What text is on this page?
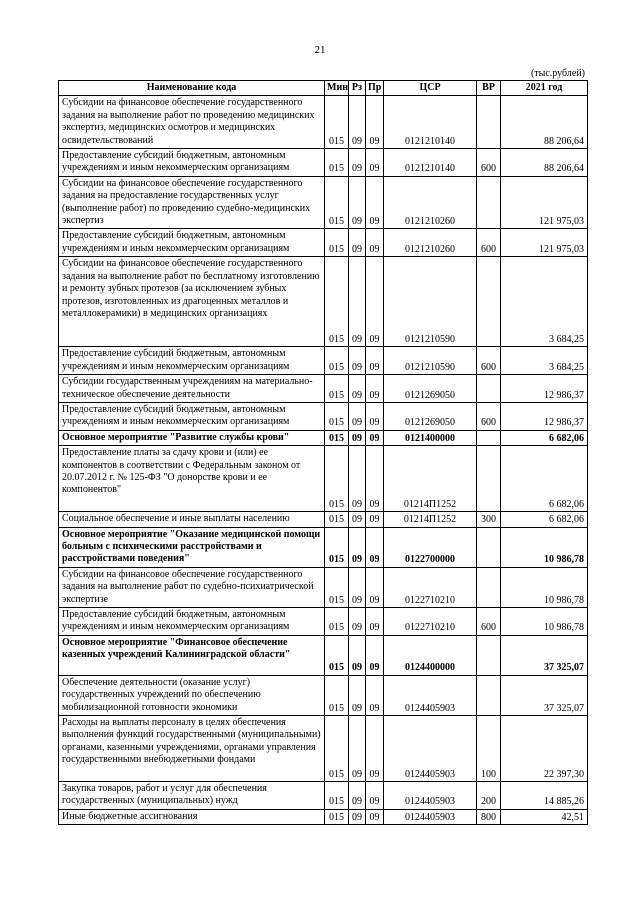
21
(тыс.рублей)
Наименование кода	Мин	Рз	Пр	ЦСР	ВР	2021 год
Субсидии на финансовое обеспечение государственного задания на выполнение работ по проведению медицинских экспертиз, медицинских осмотров и медицинских освидетельствований	015	09	09	0121210140		88 206,64
Предоставление субсидий бюджетным, автономным учреждениям и иным некоммерческим организациям	015	09	09	0121210140	600	88 206,64
Субсидии на финансовое обеспечение государственного задания на предоставление государственных услуг (выполнение работ) по проведению судебно-медицинских экспертиз	015	09	09	0121210260		121 975,03
Предоставление субсидий бюджетным, автономным учреждениям и иным некоммерческим организациям	015	09	09	0121210260	600	121 975,03
Субсидии на финансовое обеспечение государственного задания на выполнение работ по бесплатному изготовлению и ремонту зубных протезов (за исключением зубных протезов, изготовленных из драгоценных металлов и металлокерамики) в медицинских организациях	015	09	09	0121210590		3 684,25
Предоставление субсидий бюджетным, автономным учреждениям и иным некоммерческим организациям	015	09	09	0121210590	600	3 684,25
Субсидии государственным учреждениям на материально-техническое обеспечение деятельности	015	09	09	0121269050		12 986,37
Предоставление субсидий бюджетным, автономным учреждениям и иным некоммерческим организациям	015	09	09	0121269050	600	12 986,37
Основное мероприятие "Развитие службы крови"	015	09	09	0121400000		6 682,06
Предоставление платы за сдачу крови и (или) ее компонентов в соответствии с Федеральным законом от 20.07.2012 г. № 125-ФЗ "О донорстве крови и ее компонентов"	015	09	09	01214П1252		6 682,06
Социальное обеспечение и иные выплаты населению	015	09	09	01214П1252	300	6 682,06
Основное мероприятие "Оказание медицинской помощи больным с психическими расстройствами и расстройствами поведения"	015	09	09	0122700000		10 986,78
Субсидии на финансовое обеспечение государственного задания на выполнение работ по судебно-психиатрической экспертизе	015	09	09	0122710210		10 986,78
Предоставление субсидий бюджетным, автономным учреждениям и иным некоммерческим организациям	015	09	09	0122710210	600	10 986,78
Основное мероприятие "Финансовое обеспечение казенных учреждений Калининградской области"	015	09	09	0124400000		37 325,07
Обеспечение деятельности (оказание услуг) государственных учреждений по обеспечению мобилизационной готовности экономики	015	09	09	0124405903		37 325,07
Расходы на выплаты персоналу в целях обеспечения выполнения функций государственными (муниципальными) органами, казенными учреждениями, органами управления государственными внебюджетными фондами	015	09	09	0124405903	100	22 397,30
Закупка товаров, работ и услуг для обеспечения государственных (муниципальных) нужд	015	09	09	0124405903	200	14 885,26
Иные бюджетные ассигнования	015	09	09	0124405903	800	42,51
